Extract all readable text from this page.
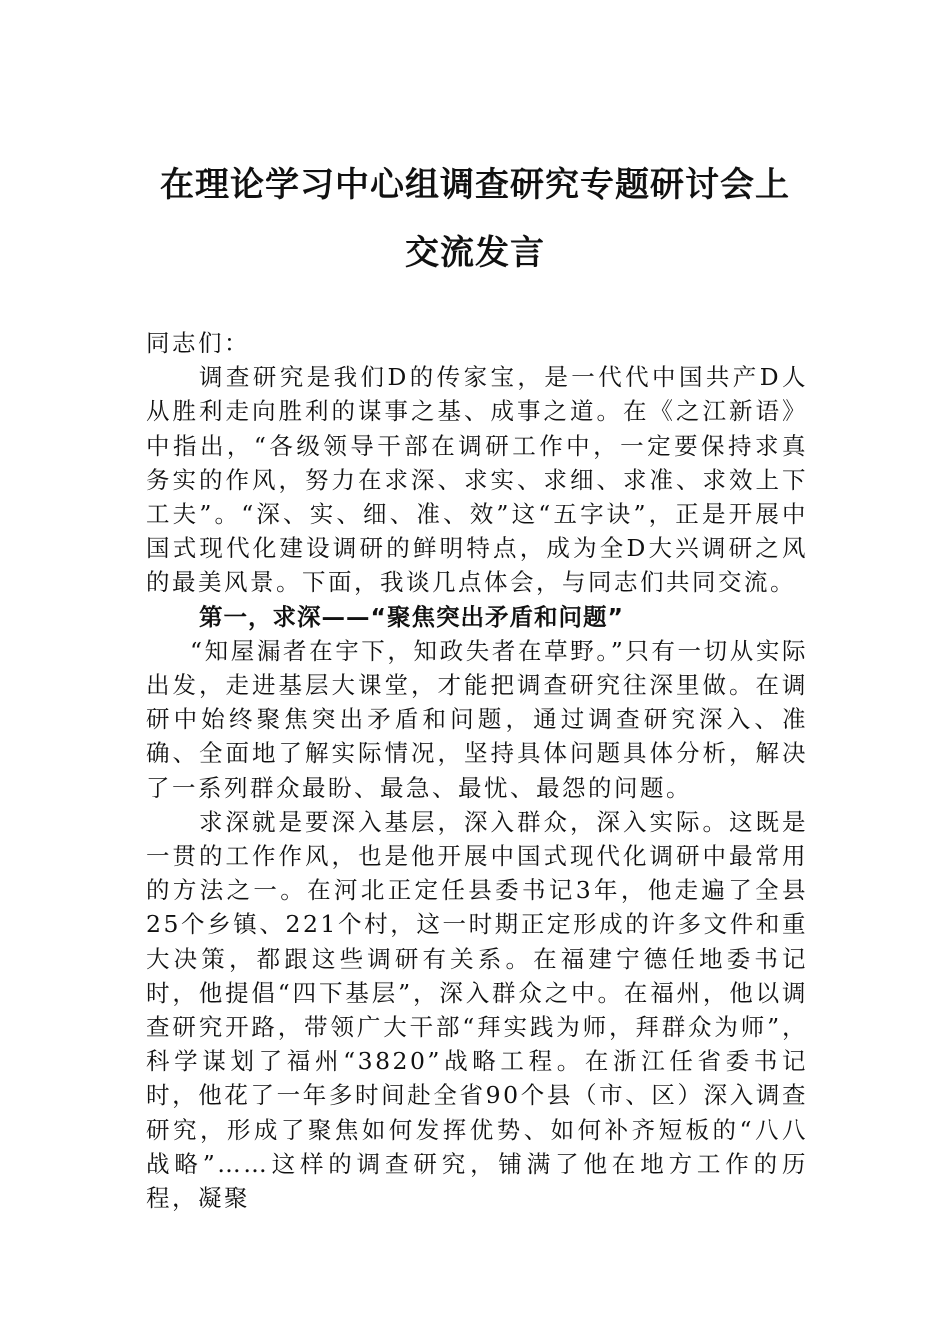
在理论学习中心组调查研究专题研讨会上
交流发言

同志们：

调查研究是我们D的传家宝，是一代代中国共产D人从胜利走向胜利的谋事之基、成事之道。在《之江新语》中指出，“各级领导干部在调研工作中，一定要保持求真务实的作风，努力在求深、求实、求细、求准、求效上下工夫”。“深、实、细、准、效”这“五字诀”，正是开展中国式现代化建设调研的鲜明特点，成为全D大兴调研之风的最美风景。下面，我谈几点体会，与同志们共同交流。

第一，求深——“聚焦突出矛盾和问题”

“知屋漏者在宇下，知政失者在草野。”只有一切从实际出发，走进基层大课堂，才能把调查研究往深里做。在调研中始终聚焦突出矛盾和问题，通过调查研究深入、准确、全面地了解实际情况，坚持具体问题具体分析，解决了一系列群众最盼、最急、最忧、最怨的问题。

求深就是要深入基层，深入群众，深入实际。这既是一贯的工作作风，也是他开展中国式现代化调研中最常用的方法之一。在河北正定任县委书记3年，他走遍了全县25个乡镇、221个村，这一时期正定形成的许多文件和重大决策，都跟这些调研有关系。在福建宁德任地委书记时，他提倡“四下基层”，深入群众之中。在福州，他以调查研究开路，带领广大干部“拜实践为师，拜群众为师”，科学谋划了福州“3820”战略工程。在浙江任省委书记时，他花了一年多时间赴全省90个县（市、区）深入调查研究，形成了聚焦如何发挥优势、如何补齐短板的“八八战略”……这样的调查研究，铺满了他在地方工作的历程，凝聚
